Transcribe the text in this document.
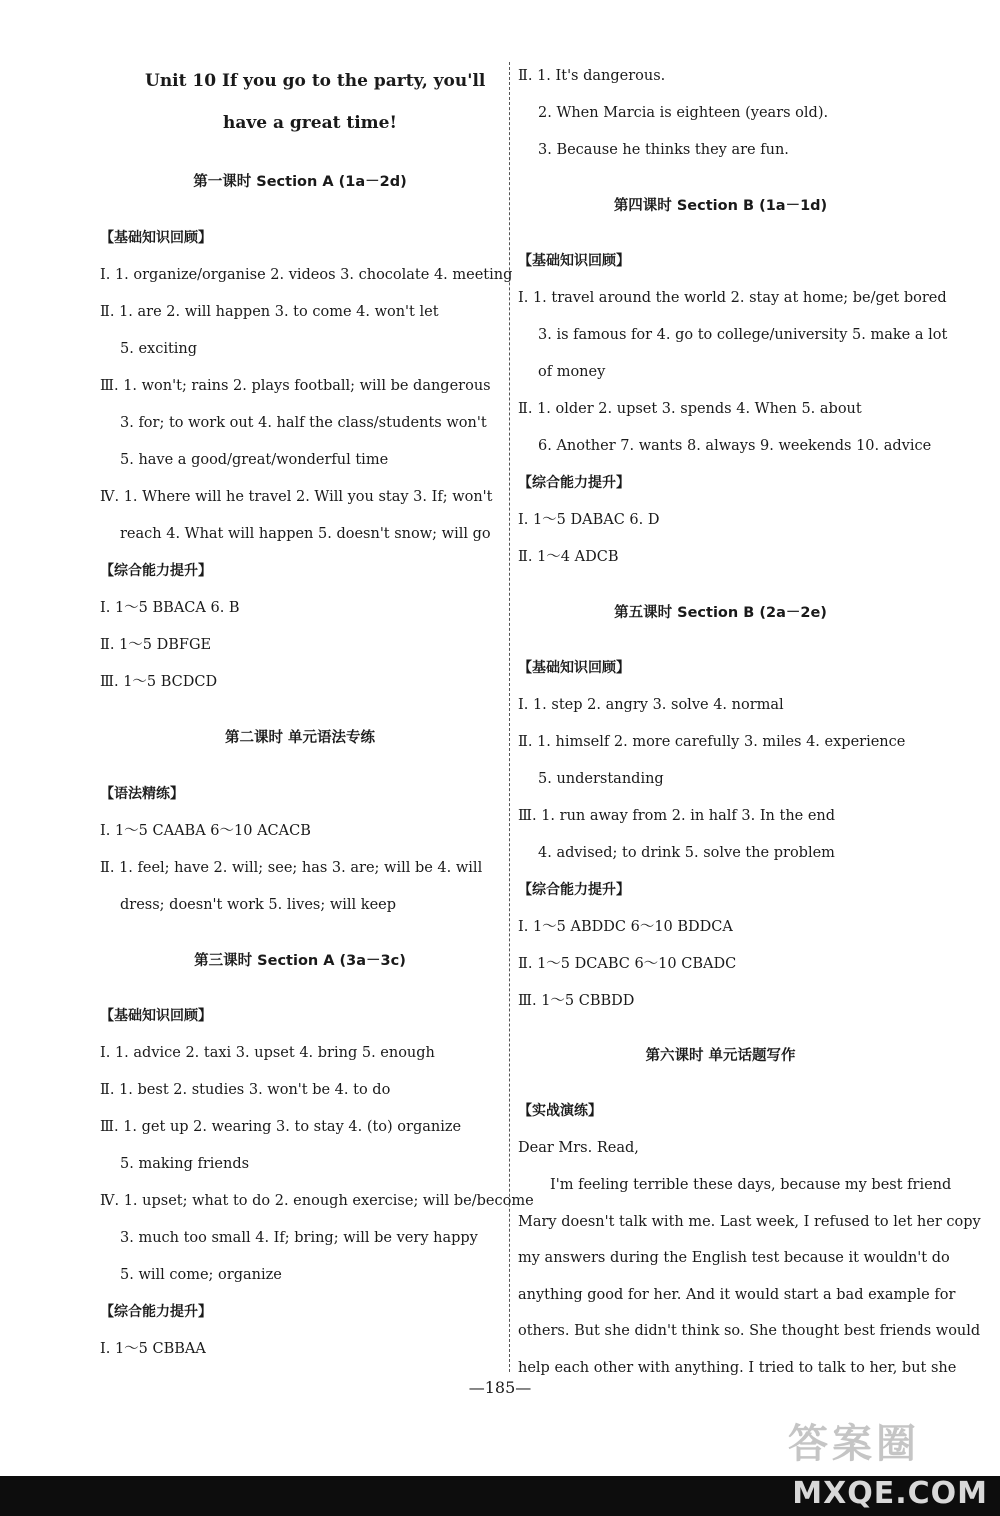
Unit 10 If you go to the party, you'll
have a great time!
第一课时 Section A (1a－2d)
【基础知识回顾】
Ⅰ. 1. organize/organise 2. videos 3. chocolate 4. meeting
Ⅱ. 1. are 2. will happen 3. to come 4. won't let
5. exciting
Ⅲ. 1. won't; rains 2. plays football; will be dangerous
3. for; to work out 4. half the class/students won't
5. have a good/great/wonderful time
Ⅳ. 1. Where will he travel 2. Will you stay 3. If; won't
reach 4. What will happen 5. doesn't snow; will go
【综合能力提升】
Ⅰ. 1～5 BBACA 6. B
Ⅱ. 1～5 DBFGE
Ⅲ. 1～5 BCDCD
第二课时 单元语法专练
【语法精练】
Ⅰ. 1～5 CAABA 6～10 ACACB
Ⅱ. 1. feel; have 2. will; see; has 3. are; will be 4. will
dress; doesn't work 5. lives; will keep
第三课时 Section A (3a－3c)
【基础知识回顾】
Ⅰ. 1. advice 2. taxi 3. upset 4. bring 5. enough
Ⅱ. 1. best 2. studies 3. won't be 4. to do
Ⅲ. 1. get up 2. wearing 3. to stay 4. (to) organize
5. making friends
Ⅳ. 1. upset; what to do 2. enough exercise; will be/become
3. much too small 4. If; bring; will be very happy
5. will come; organize
【综合能力提升】
Ⅰ. 1～5 CBBAA
Ⅱ. 1. It's dangerous.
2. When Marcia is eighteen (years old).
3. Because he thinks they are fun.
第四课时 Section B (1a－1d)
【基础知识回顾】
Ⅰ. 1. travel around the world 2. stay at home; be/get bored
3. is famous for 4. go to college/university 5. make a lot
of money
Ⅱ. 1. older 2. upset 3. spends 4. When 5. about
6. Another 7. wants 8. always 9. weekends 10. advice
【综合能力提升】
Ⅰ. 1～5 DABAC 6. D
Ⅱ. 1～4 ADCB
第五课时 Section B (2a－2e)
【基础知识回顾】
Ⅰ. 1. step 2. angry 3. solve 4. normal
Ⅱ. 1. himself 2. more carefully 3. miles 4. experience
5. understanding
Ⅲ. 1. run away from 2. in half 3. In the end
4. advised; to drink 5. solve the problem
【综合能力提升】
Ⅰ. 1～5 ABDDC 6～10 BDDCA
Ⅱ. 1～5 DCABC 6～10 CBADC
Ⅲ. 1～5 CBBDD
第六课时 单元话题写作
【实战演练】
Dear Mrs. Read,

I'm feeling terrible these days, because my best friend

Mary doesn't talk with me. Last week, I refused to let her copy

my answers during the English test because it wouldn't do

anything good for her. And it would start a bad example for

others. But she didn't think so. She thought best friends would

help each other with anything. I tried to talk to her, but she

—185—
答案圈
MXQE.COM
